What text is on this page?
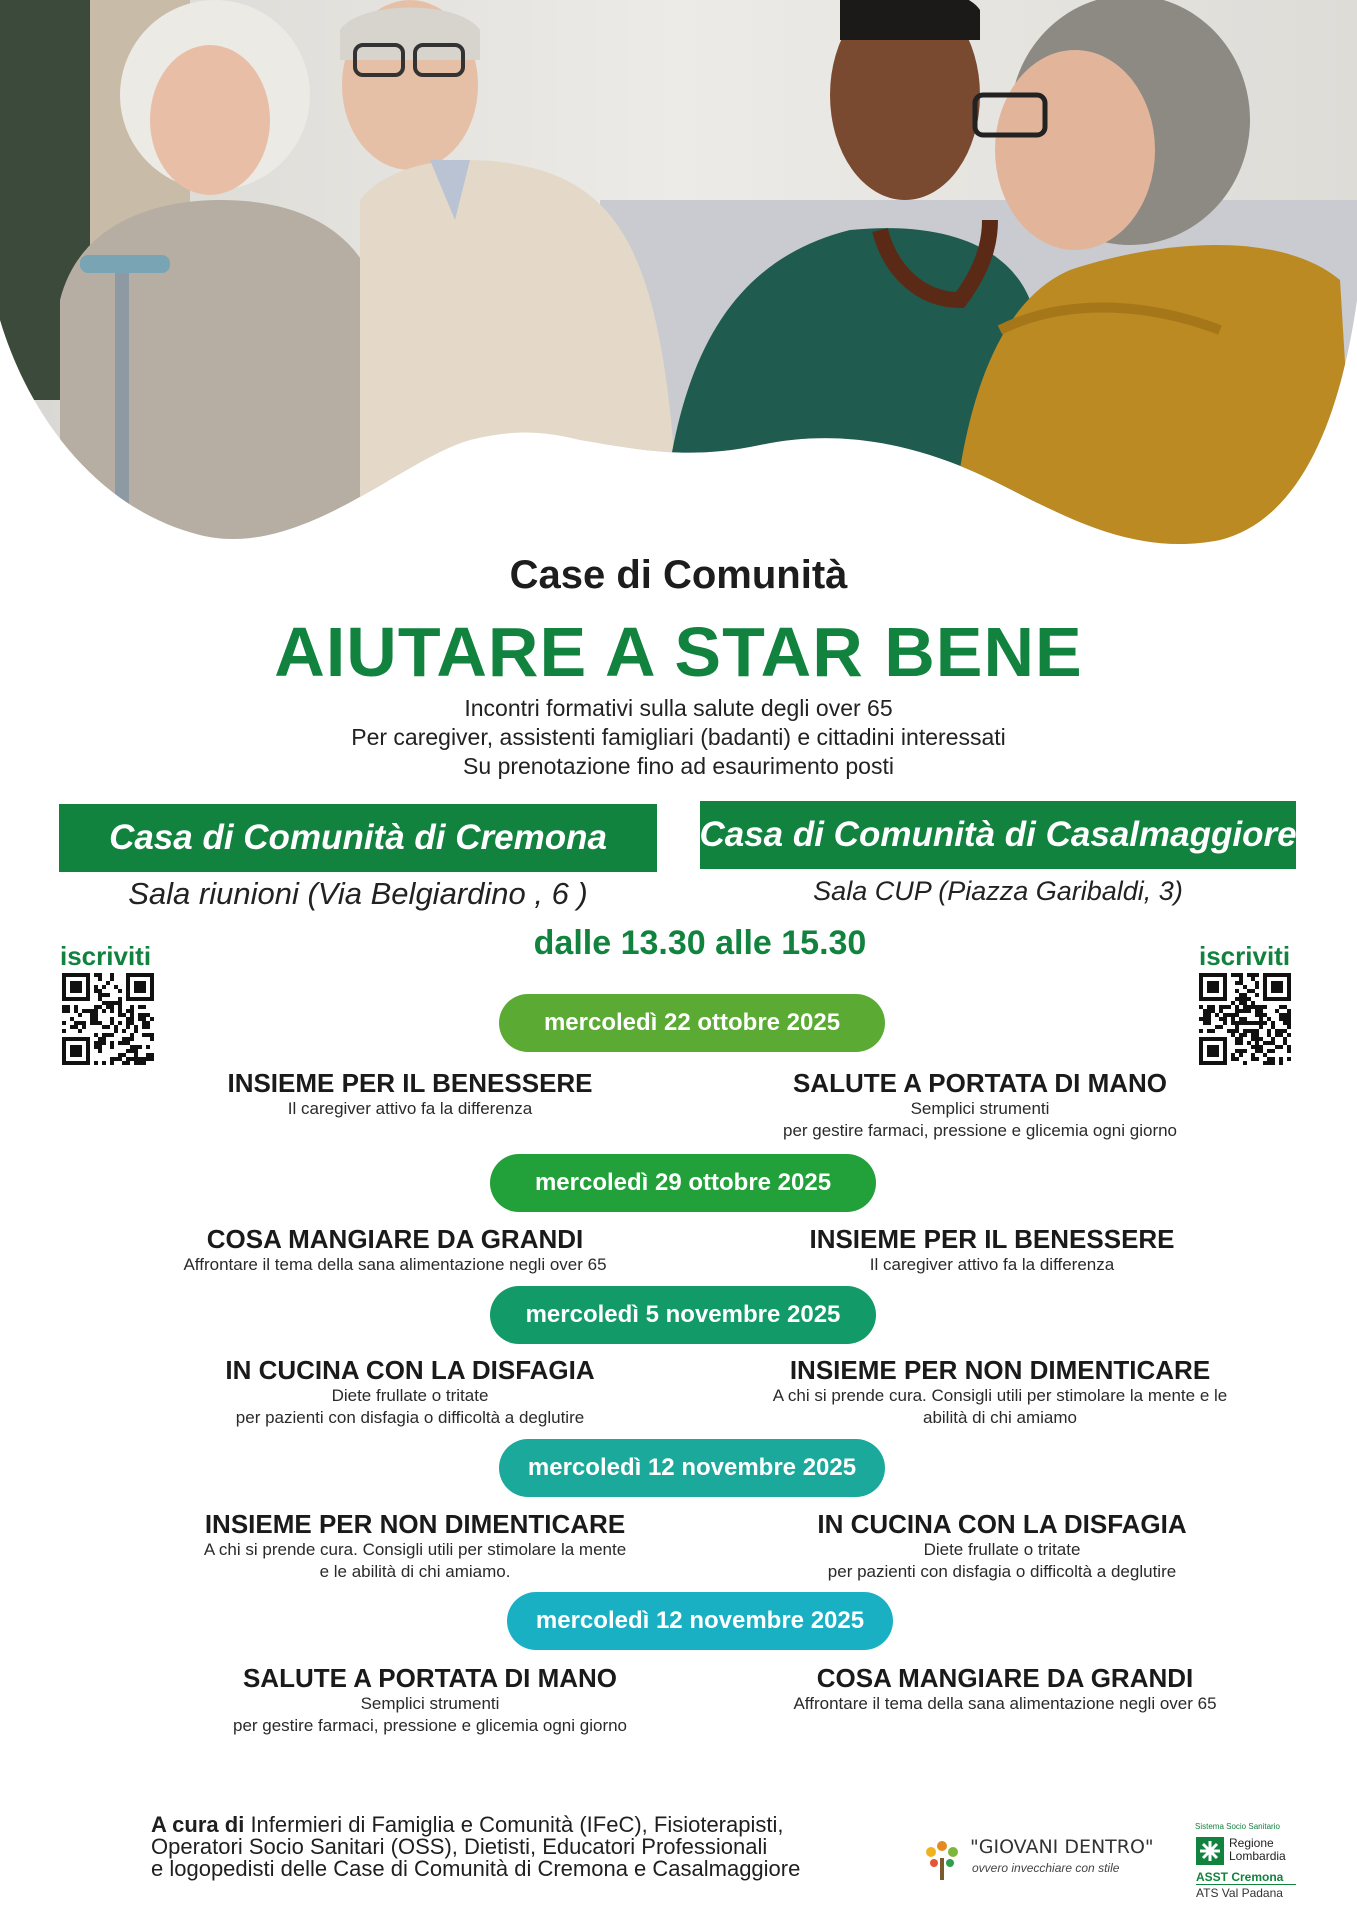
Case di Comunità
AIUTARE A STAR BENE
Incontri formativi sulla salute degli over 65
Per caregiver, assistenti famigliari (badanti) e cittadini interessati
Su prenotazione fino ad esaurimento posti
Casa di Comunità di Cremona	Casa di Comunità di Casalmaggiore
Sala riunioni (Via Belgiardino , 6 )	Sala CUP (Piazza Garibaldi, 3)
dalle 13.30 alle 15.30
iscriviti	iscriviti
mercoledì 22 ottobre 2025
INSIEME PER IL BENESSERE
Il caregiver attivo fa la differenza
SALUTE A PORTATA DI MANO
Semplici strumenti
per gestire farmaci, pressione e glicemia ogni giorno
mercoledì 29 ottobre 2025
COSA MANGIARE DA GRANDI
Affrontare il tema della sana alimentazione negli over 65
INSIEME PER IL BENESSERE
Il caregiver attivo fa la differenza
mercoledì 5 novembre 2025
IN CUCINA CON LA DISFAGIA
Diete frullate o tritate
per pazienti con disfagia o difficoltà a deglutire
INSIEME PER NON DIMENTICARE
A chi si prende cura. Consigli utili per stimolare la mente e le
abilità di chi amiamo
mercoledì 12 novembre 2025
INSIEME PER NON DIMENTICARE
A chi si prende cura. Consigli utili per stimolare la mente
e le abilità di chi amiamo.
IN CUCINA CON LA DISFAGIA
Diete frullate o tritate
per pazienti con disfagia o difficoltà a deglutire
mercoledì 12 novembre 2025
SALUTE A PORTATA DI MANO
Semplici strumenti
per gestire farmaci, pressione e glicemia ogni giorno
COSA MANGIARE DA GRANDI
Affrontare il tema della sana alimentazione negli over 65
A cura di Infermieri di Famiglia e Comunità (IFeC), Fisioterapisti,
Operatori Socio Sanitari (OSS), Dietisti, Educatori Professionali
e logopedisti delle Case di Comunità di Cremona e Casalmaggiore
"GIOVANI DENTRO"
ovvero invecchiare con stile
Sistema Socio Sanitario
Regione
Lombardia
ASST Cremona
ATS Val Padana
